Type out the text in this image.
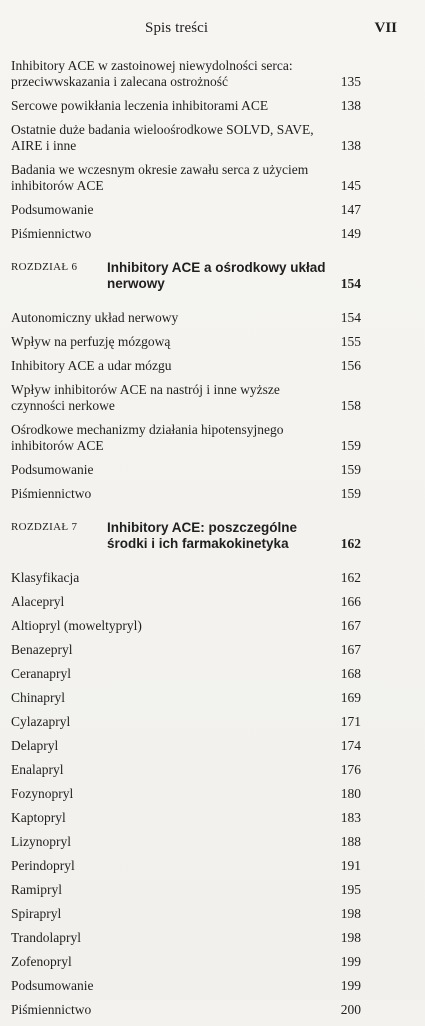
Spis treści	VII
Inhibitory ACE w zastoinowej niewydolności serca: przeciwwskazania i zalecana ostrożność	135
Sercowe powikłania leczenia inhibitorami ACE	138
Ostatnie duże badania wieloośrodkowe SOLVD, SAVE, AIRE i inne	138
Badania we wczesnym okresie zawału serca z użyciem inhibitorów ACE	145
Podsumowanie	147
Piśmiennictwo	149
ROZDZIAŁ 6 Inhibitory ACE a ośrodkowy układ nerwowy	154
Autonomiczny układ nerwowy	154
Wpływ na perfuzję mózgową	155
Inhibitory ACE a udar mózgu	156
Wpływ inhibitorów ACE na nastrój i inne wyższe czynności nerkowe	158
Ośrodkowe mechanizmy działania hipotensyjnego inhibitorów ACE	159
Podsumowanie	159
Piśmiennictwo	159
ROZDZIAŁ 7 Inhibitory ACE: poszczególne środki i ich farmakokinetyka	162
Klasyfikacja	162
Alacepryl	166
Altiopryl (moweltypryl)	167
Benazepryl	167
Ceranapryl	168
Chinapryl	169
Cylazapryl	171
Delapryl	174
Enalapryl	176
Fozynopryl	180
Kaptopryl	183
Lizynopryl	188
Perindopryl	191
Ramipryl	195
Spirapryl	198
Trandolapryl	198
Zofenopryl	199
Podsumowanie	199
Piśmiennictwo	200
